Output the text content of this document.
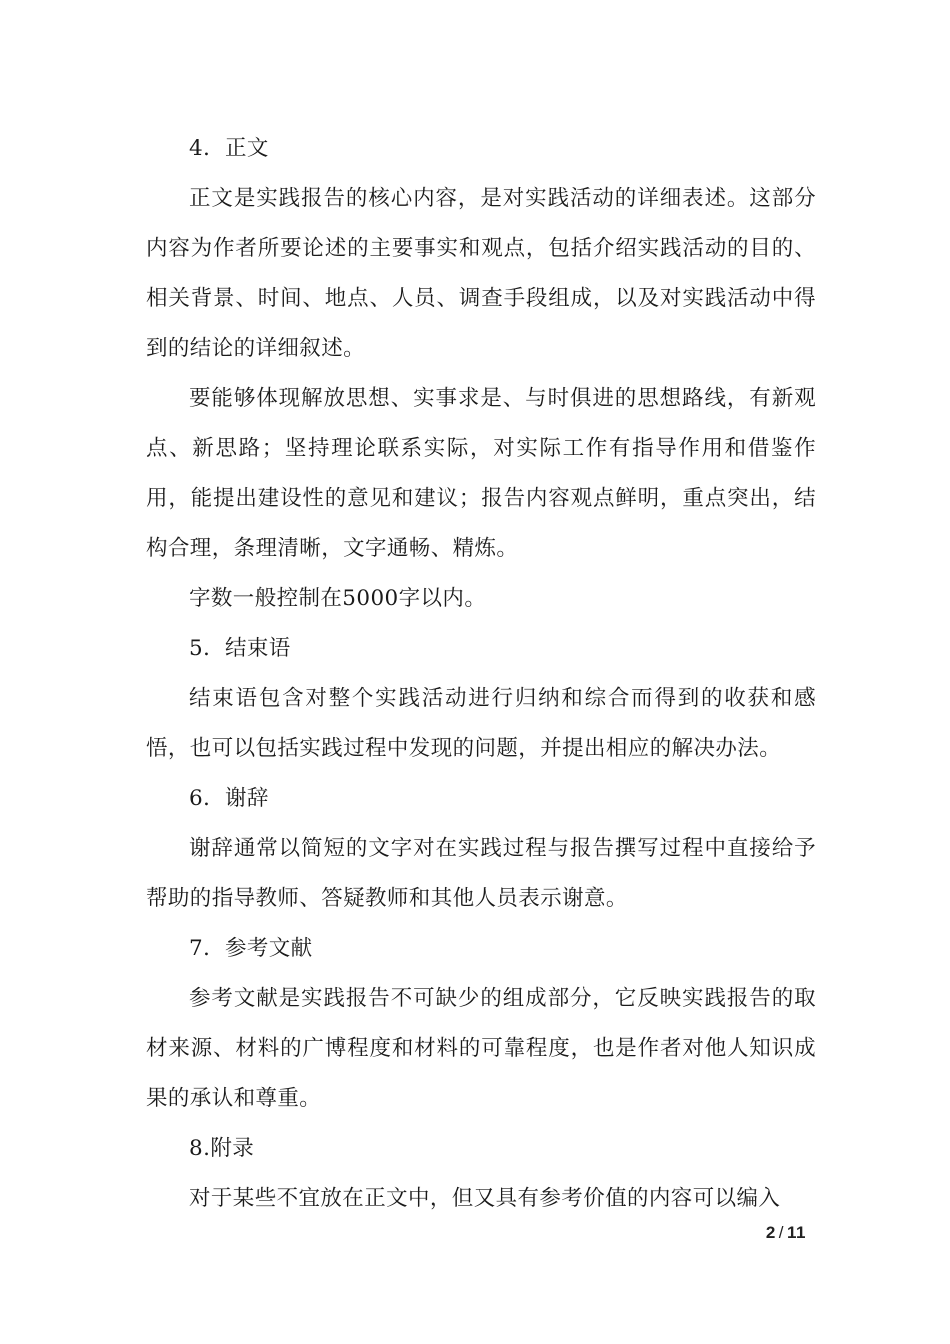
4．正文

正文是实践报告的核心内容，是对实践活动的详细表述。这部分内容为作者所要论述的主要事实和观点，包括介绍实践活动的目的、相关背景、时间、地点、人员、调查手段组成，以及对实践活动中得到的结论的详细叙述。

要能够体现解放思想、实事求是、与时俱进的思想路线，有新观点、新思路；坚持理论联系实际，对实际工作有指导作用和借鉴作用，能提出建设性的意见和建议；报告内容观点鲜明，重点突出，结构合理，条理清晰，文字通畅、精炼。

字数一般控制在5000字以内。

5．结束语

结束语包含对整个实践活动进行归纳和综合而得到的收获和感悟，也可以包括实践过程中发现的问题，并提出相应的解决办法。

6．谢辞

谢辞通常以简短的文字对在实践过程与报告撰写过程中直接给予帮助的指导教师、答疑教师和其他人员表示谢意。

7．参考文献

参考文献是实践报告不可缺少的组成部分，它反映实践报告的取材来源、材料的广博程度和材料的可靠程度，也是作者对他人知识成果的承认和尊重。

8.附录

对于某些不宜放在正文中，但又具有参考价值的内容可以编入

2 / 11
